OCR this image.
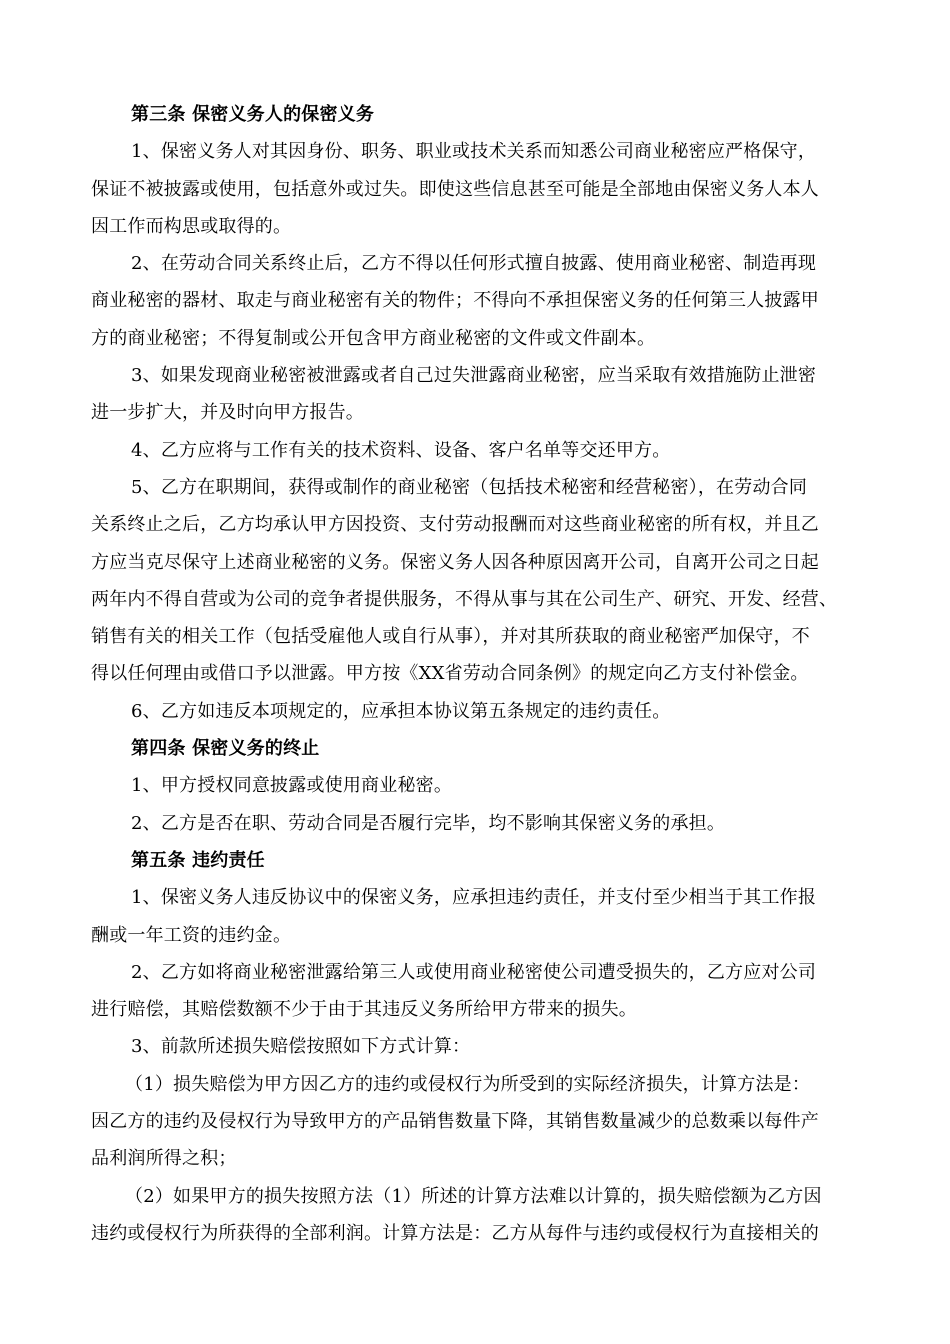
第三条 保密义务人的保密义务
1、保密义务人对其因身份、职务、职业或技术关系而知悉公司商业秘密应严格保守，
保证不被披露或使用，包括意外或过失。即使这些信息甚至可能是全部地由保密义务人本人
因工作而构思或取得的。
2、在劳动合同关系终止后，乙方不得以任何形式擅自披露、使用商业秘密、制造再现
商业秘密的器材、取走与商业秘密有关的物件；不得向不承担保密义务的任何第三人披露甲
方的商业秘密；不得复制或公开包含甲方商业秘密的文件或文件副本。
3、如果发现商业秘密被泄露或者自己过失泄露商业秘密，应当采取有效措施防止泄密
进一步扩大，并及时向甲方报告。
4、乙方应将与工作有关的技术资料、设备、客户名单等交还甲方。
5、乙方在职期间，获得或制作的商业秘密（包括技术秘密和经营秘密），在劳动合同
关系终止之后，乙方均承认甲方因投资、支付劳动报酬而对这些商业秘密的所有权，并且乙
方应当克尽保守上述商业秘密的义务。保密义务人因各种原因离开公司，自离开公司之日起
两年内不得自营或为公司的竞争者提供服务，不得从事与其在公司生产、研究、开发、经营、
销售有关的相关工作（包括受雇他人或自行从事），并对其所获取的商业秘密严加保守，不
得以任何理由或借口予以泄露。甲方按《XX省劳动合同条例》的规定向乙方支付补偿金。
6、乙方如违反本项规定的，应承担本协议第五条规定的违约责任。
第四条 保密义务的终止
1、甲方授权同意披露或使用商业秘密。
2、乙方是否在职、劳动合同是否履行完毕，均不影响其保密义务的承担。
第五条 违约责任
1、保密义务人违反协议中的保密义务，应承担违约责任，并支付至少相当于其工作报
酬或一年工资的违约金。
2、乙方如将商业秘密泄露给第三人或使用商业秘密使公司遭受损失的，乙方应对公司
进行赔偿，其赔偿数额不少于由于其违反义务所给甲方带来的损失。
3、前款所述损失赔偿按照如下方式计算：
（1）损失赔偿为甲方因乙方的违约或侵权行为所受到的实际经济损失，计算方法是：
因乙方的违约及侵权行为导致甲方的产品销售数量下降，其销售数量减少的总数乘以每件产
品利润所得之积；
（2）如果甲方的损失按照方法（1）所述的计算方法难以计算的，损失赔偿额为乙方因
违约或侵权行为所获得的全部利润。计算方法是：乙方从每件与违约或侵权行为直接相关的
